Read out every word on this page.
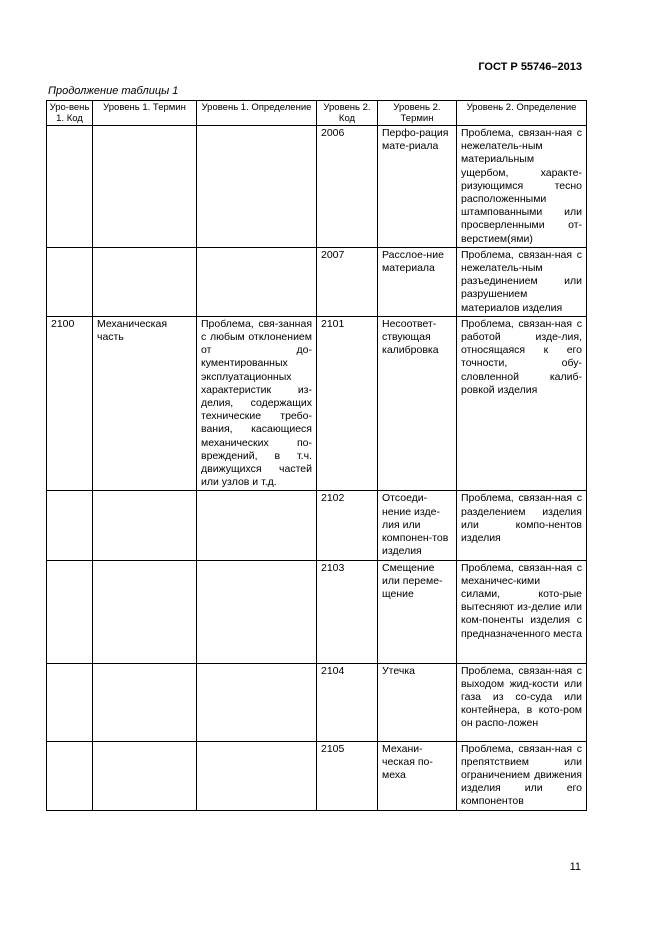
ГОСТ Р 55746–2013
Продолжение таблицы 1
Уро-вень 1. Код	Уровень 1. Термин	Уровень 1. Определение	Уровень 2. Код	Уровень 2. Термин	Уровень 2. Определение
			2006	Перфо-рация мате-риала	Проблема, связан-ная с нежелатель-ным материальным ущербом, характе-ризующимся тесно расположенными штампованными или просверленными от-верстием(ями)
			2007	Расслое-ние материала	Проблема, связан-ная с нежелатель-ным разъединением или разрушением материалов изделия
2100	Механическая часть	Проблема, свя-занная с любым отклонением от до-кументированных эксплуатационных характеристик из-делия, содержащих технические требо-вания, касающиеся механических по-вреждений, в т.ч. движущихся частей или узлов и т.д.	2101	Несоответ-ствующая калибровка	Проблема, связан-ная с работой изде-лия, относящаяся к его точности, обу-словленной калиб-ровкой изделия
			2102	Отсоеди-нение изде-лия или компонен-тов изделия	Проблема, связан-ная с разделением изделия или компо-нентов изделия
			2103	Смещение или переме-щение	Проблема, связан-ная с механичес-кими силами, кото-рые вытесняют из-делие или ком-поненты изделия с предназначенного места
			2104	Утечка	Проблема, связан-ная с выходом жид-кости или газа из со-суда или контейнера, в кото-ром он распо-ложен
			2105	Механи-ческая по-меха	Проблема, связан-ная с препятствием или ограничением движения изделия или его компонентов
11
